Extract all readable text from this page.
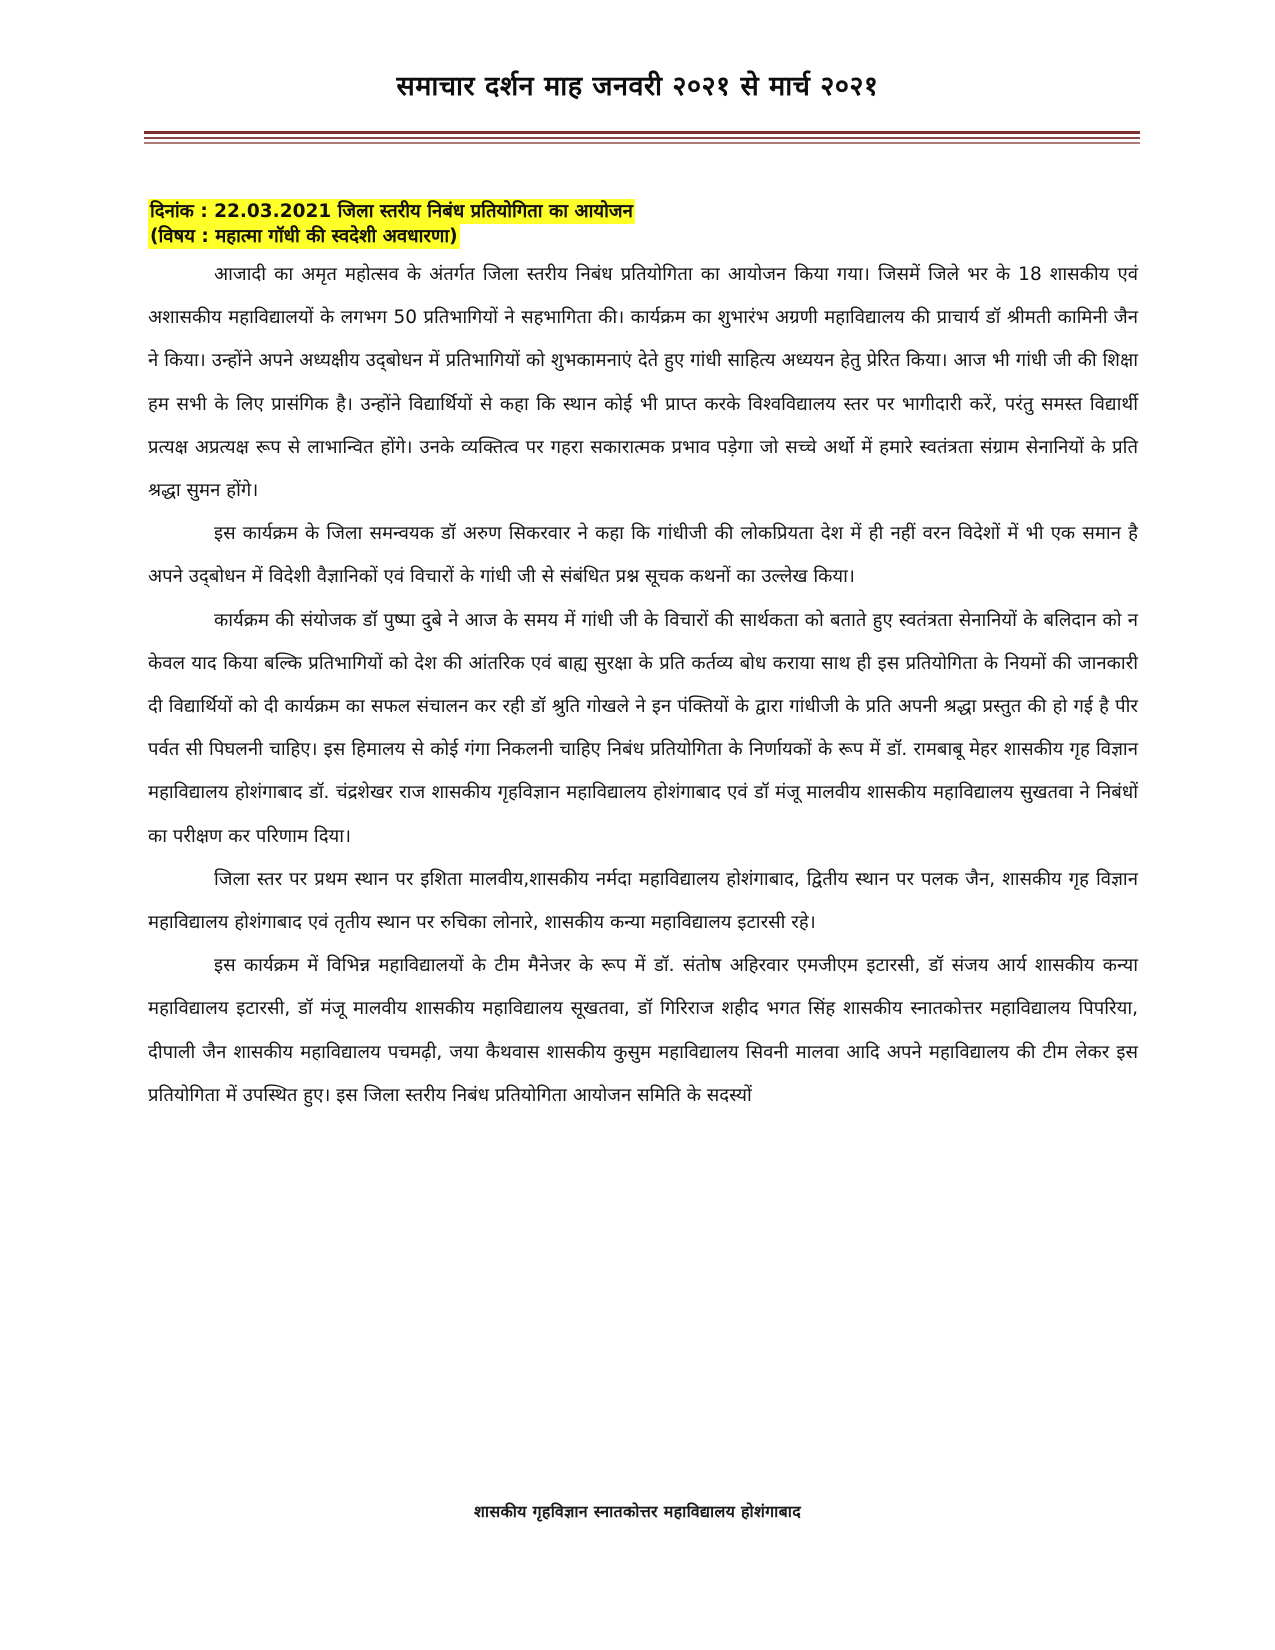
समाचार दर्शन माह जनवरी २०२१ से मार्च २०२१
दिनांक : 22.03.2021 जिला स्तरीय निबंध प्रतियोगिता का आयोजन
(विषय : महात्मा गॉधी की स्वदेशी अवधारणा)

आजादी का अमृत महोत्सव के अंतर्गत जिला स्तरीय निबंध प्रतियोगिता का आयोजन किया गया। जिसमें जिले भर के 18 शासकीय एवं अशासकीय महाविद्यालयों के लगभग 50 प्रतिभागियों ने सहभागिता की। कार्यक्रम का शुभारंभ अग्रणी महाविद्यालय की प्राचार्य डॉ श्रीमती कामिनी जैन ने किया। उन्होंने अपने अध्यक्षीय उद्‍बोधन में प्रतिभागियों को शुभकामनाएं देते हुए गांधी साहित्य अध्ययन हेतु प्रेरित किया। आज भी गांधी जी की शिक्षा हम सभी के लिए प्रासंगिक है। उन्होंने विद्यार्थियों से कहा कि स्थान कोई भी प्राप्त करके विश्वविद्यालय स्तर पर भागीदारी करें, परंतु समस्त विद्यार्थी प्रत्यक्ष अप्रत्यक्ष रूप से लाभान्वित होंगे। उनके व्यक्तित्व पर गहरा सकारात्मक प्रभाव पड़ेगा जो सच्चे अर्थो में हमारे स्वतंत्रता संग्राम सेनानियों के प्रति श्रद्धा सुमन होंगे।

इस कार्यक्रम के जिला समन्वयक डॉ अरुण सिकरवार ने कहा कि गांधीजी की लोकप्रियता देश में ही नहीं वरन विदेशों में भी एक समान है अपने उद्‍बोधन में विदेशी वैज्ञानिकों एवं विचारों के गांधी जी से संबंधित प्रश्न सूचक कथनों का उल्लेख किया।

कार्यक्रम की संयोजक डॉ पुष्पा दुबे ने आज के समय में गांधी जी के विचारों की सार्थकता को बताते हुए स्वतंत्रता सेनानियों के बलिदान को न केवल याद किया बल्कि प्रतिभागियों को देश की आंतरिक एवं बाह्य सुरक्षा के प्रति कर्तव्य बोध कराया साथ ही इस प्रतियोगिता के नियमों की जानकारी दी विद्यार्थियों को दी कार्यक्रम का सफल संचालन कर रही डॉ श्रुति गोखले ने इन पंक्तियों के द्वारा गांधीजी के प्रति अपनी श्रद्धा प्रस्तुत की हो गई है पीर पर्वत सी पिघलनी चाहिए। इस हिमालय से कोई गंगा निकलनी चाहिए निबंध प्रतियोगिता के निर्णायकों के रूप में डॉ. रामबाबू मेहर शासकीय गृह विज्ञान महाविद्यालय होशंगाबाद डॉ. चंद्रशेखर राज शासकीय गृहविज्ञान महाविद्यालय होशंगाबाद एवं डॉ मंजू मालवीय शासकीय महाविद्यालय सुखतवा ने निबंधों का परीक्षण कर परिणाम दिया।

जिला स्तर पर प्रथम स्थान पर इशिता मालवीय,शासकीय नर्मदा महाविद्यालय होशंगाबाद, द्वितीय स्थान पर पलक जैन, शासकीय गृह विज्ञान महाविद्यालय होशंगाबाद एवं तृतीय स्थान पर रुचिका लोनारे, शासकीय कन्या महाविद्यालय इटारसी रहे।

इस कार्यक्रम में विभिन्न महाविद्यालयों के टीम मैनेजर के रूप में डॉ. संतोष अहिरवार एमजीएम इटारसी, डॉ संजय आर्य शासकीय कन्या महाविद्यालय इटारसी, डॉ मंजू मालवीय शासकीय महाविद्यालय सूखतवा, डॉ गिरिराज शहीद भगत सिंह शासकीय स्नातकोत्तर महाविद्यालय पिपरिया, दीपाली जैन शासकीय महाविद्यालय पचमढ़ी, जया कैथवास शासकीय कुसुम महाविद्यालय सिवनी मालवा आदि अपने महाविद्यालय की टीम लेकर इस प्रतियोगिता में उपस्थित हुए। इस जिला स्तरीय निबंध प्रतियोगिता आयोजन समिति के सदस्यों

शासकीय गृहविज्ञान स्नातकोत्तर महाविद्यालय होशंगाबाद
